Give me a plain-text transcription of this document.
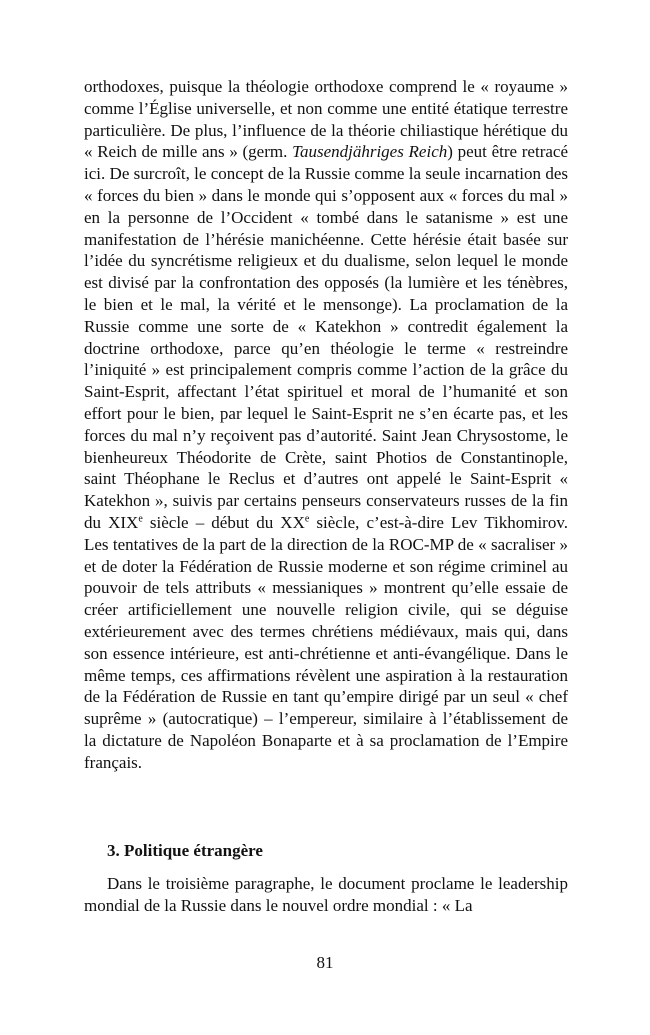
orthodoxes, puisque la théologie orthodoxe comprend le « royaume » comme l’Église universelle, et non comme une entité étatique terrestre particulière. De plus, l’influence de la théorie chiliastique hérétique du « Reich de mille ans » (germ. Tausendjähriges Reich) peut être retracé ici. De surcroît, le concept de la Russie comme la seule incarnation des « forces du bien » dans le monde qui s’opposent aux « forces du mal » en la personne de l’Occident « tombé dans le satanisme » est une manifestation de l’hérésie manichéenne. Cette hérésie était basée sur l’idée du syncrétisme religieux et du dualisme, selon lequel le monde est divisé par la confrontation des opposés (la lumière et les ténèbres, le bien et le mal, la vérité et le mensonge). La proclamation de la Russie comme une sorte de « Katekhon » contredit également la doctrine orthodoxe, parce qu’en théologie le terme « restreindre l’iniquité » est principalement compris comme l’action de la grâce du Saint-Esprit, affectant l’état spirituel et moral de l’humanité et son effort pour le bien, par lequel le Saint-Esprit ne s’en écarte pas, et les forces du mal n’y reçoivent pas d’autorité. Saint Jean Chrysostome, le bienheureux Théodorite de Crète, saint Photios de Constantinople, saint Théophane le Reclus et d’autres ont appelé le Saint-Esprit « Katekhon », suivis par certains penseurs conservateurs russes de la fin du XIXe siècle – début du XXe siècle, c’est-à-dire Lev Tikhomirov. Les tentatives de la part de la direction de la ROC-MP de « sacraliser » et de doter la Fédération de Russie moderne et son régime criminel au pouvoir de tels attributs « messianiques » montrent qu’elle essaie de créer artificiellement une nouvelle religion civile, qui se déguise extérieurement avec des termes chrétiens médiévaux, mais qui, dans son essence intérieure, est anti-chrétienne et anti-évangélique. Dans le même temps, ces affirmations révèlent une aspiration à la restauration de la Fédération de Russie en tant qu’empire dirigé par un seul « chef suprême » (autocratique) – l’empereur, similaire à l’établissement de la dictature de Napoléon Bonaparte et à sa proclamation de l’Empire français.

3. Politique étrangère

Dans le troisième paragraphe, le document proclame le leadership mondial de la Russie dans le nouvel ordre mondial : « La

81
